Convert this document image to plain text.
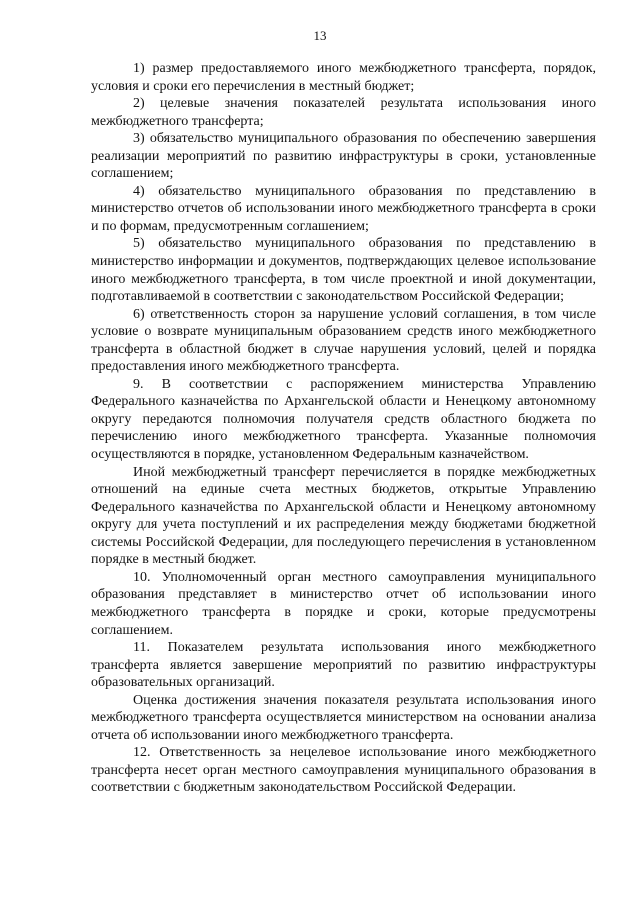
13

1) размер предоставляемого иного межбюджетного трансферта, порядок, условия и сроки его перечисления в местный бюджет;

2) целевые значения показателей результата использования иного межбюджетного трансферта;

3) обязательство муниципального образования по обеспечению завершения реализации мероприятий по развитию инфраструктуры в сроки, установленные соглашением;

4) обязательство муниципального образования по представлению в министерство отчетов об использовании иного межбюджетного трансферта в сроки и по формам, предусмотренным соглашением;

5) обязательство муниципального образования по представлению в министерство информации и документов, подтверждающих целевое использование иного межбюджетного трансферта, в том числе проектной и иной документации, подготавливаемой в соответствии с законодательством Российской Федерации;

6) ответственность сторон за нарушение условий соглашения, в том числе условие о возврате муниципальным образованием средств иного межбюджетного трансферта в областной бюджет в случае нарушения условий, целей и порядка предоставления иного межбюджетного трансферта.

9. В соответствии с распоряжением министерства Управлению Федерального казначейства по Архангельской области и Ненецкому автономному округу передаются полномочия получателя средств областного бюджета по перечислению иного межбюджетного трансферта. Указанные полномочия осуществляются в порядке, установленном Федеральным казначейством.

Иной межбюджетный трансферт перечисляется в порядке межбюджетных отношений на единые счета местных бюджетов, открытые Управлению Федерального казначейства по Архангельской области и Ненецкому автономному округу для учета поступлений и их распределения между бюджетами бюджетной системы Российской Федерации, для последующего перечисления в установленном порядке в местный бюджет.

10. Уполномоченный орган местного самоуправления муниципального образования представляет в министерство отчет об использовании иного межбюджетного трансферта в порядке и сроки, которые предусмотрены соглашением.

11. Показателем результата использования иного межбюджетного трансферта является завершение мероприятий по развитию инфраструктуры образовательных организаций.

Оценка достижения значения показателя результата использования иного межбюджетного трансферта осуществляется министерством на основании анализа отчета об использовании иного межбюджетного трансферта.

12. Ответственность за нецелевое использование иного межбюджетного трансферта несет орган местного самоуправления муниципального образования в соответствии с бюджетным законодательством Российской Федерации.
